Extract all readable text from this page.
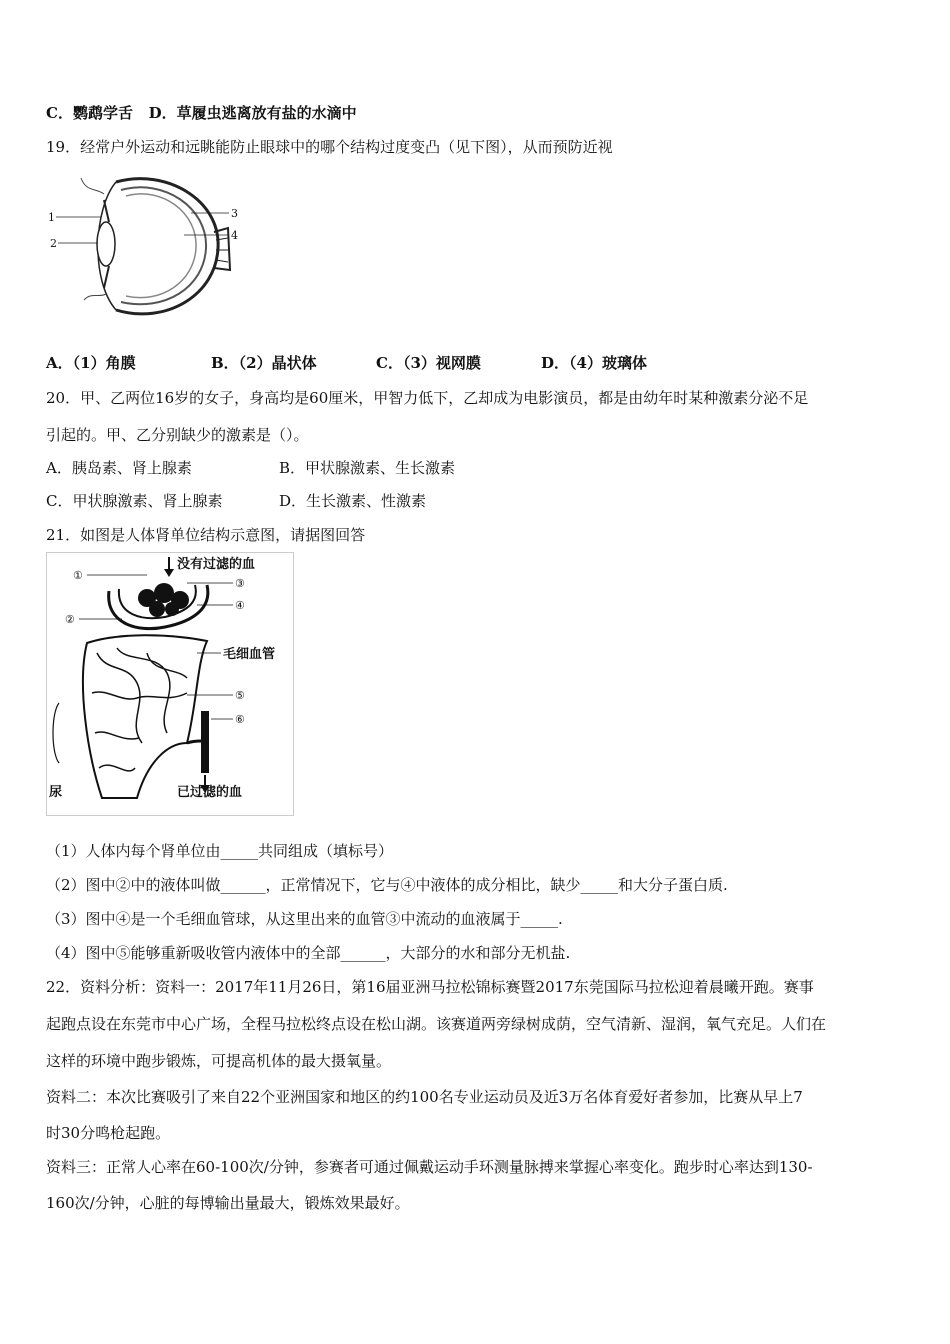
C．鹦鹉学舌 D．草履虫逃离放有盐的水滴中
19．经常户外运动和远眺能防止眼球中的哪个结构过度变凸（见下图），从而预防近视
1
2
3
4
A．（1）角膜	B．（2）晶状体	C．（3）视网膜	D．（4）玻璃体
20．甲、乙两位16岁的女子，身高均是60厘米，甲智力低下，乙却成为电影演员，都是由幼年时某种激素分泌不足
引起的。甲、乙分别缺少的激素是（）。
A．胰岛素、肾上腺素	B．甲状腺激素、生长激素
C．甲状腺激素、肾上腺素	D．生长激素、性激素
21．如图是人体肾单位结构示意图，请据图回答
没有过滤的血
①
③
④
②
毛细血管
⑤
⑥
已过滤的血
尿
（1）人体内每个肾单位由_____共同组成（填标号）
（2）图中②中的液体叫做______，正常情况下，它与④中液体的成分相比，缺少_____和大分子蛋白质.
（3）图中④是一个毛细血管球，从这里出来的血管③中流动的血液属于_____.
（4）图中⑤能够重新吸收管内液体中的全部______，大部分的水和部分无机盐.
22．资料分析：资料一：2017年11月26日，第16届亚洲马拉松锦标赛暨2017东莞国际马拉松迎着晨曦开跑。赛事
起跑点设在东莞市中心广场，全程马拉松终点设在松山湖。该赛道两旁绿树成荫，空气清新、湿润，氧气充足。人们在
这样的环境中跑步锻炼，可提高机体的最大摄氧量。
资料二：本次比赛吸引了来自22个亚洲国家和地区的约100名专业运动员及近3万名体育爱好者参加，比赛从早上7
时30分鸣枪起跑。
资料三：正常人心率在60-100次/分钟，参赛者可通过佩戴运动手环测量脉搏来掌握心率变化。跑步时心率达到130-
160次/分钟，心脏的每博输出量最大，锻炼效果最好。
